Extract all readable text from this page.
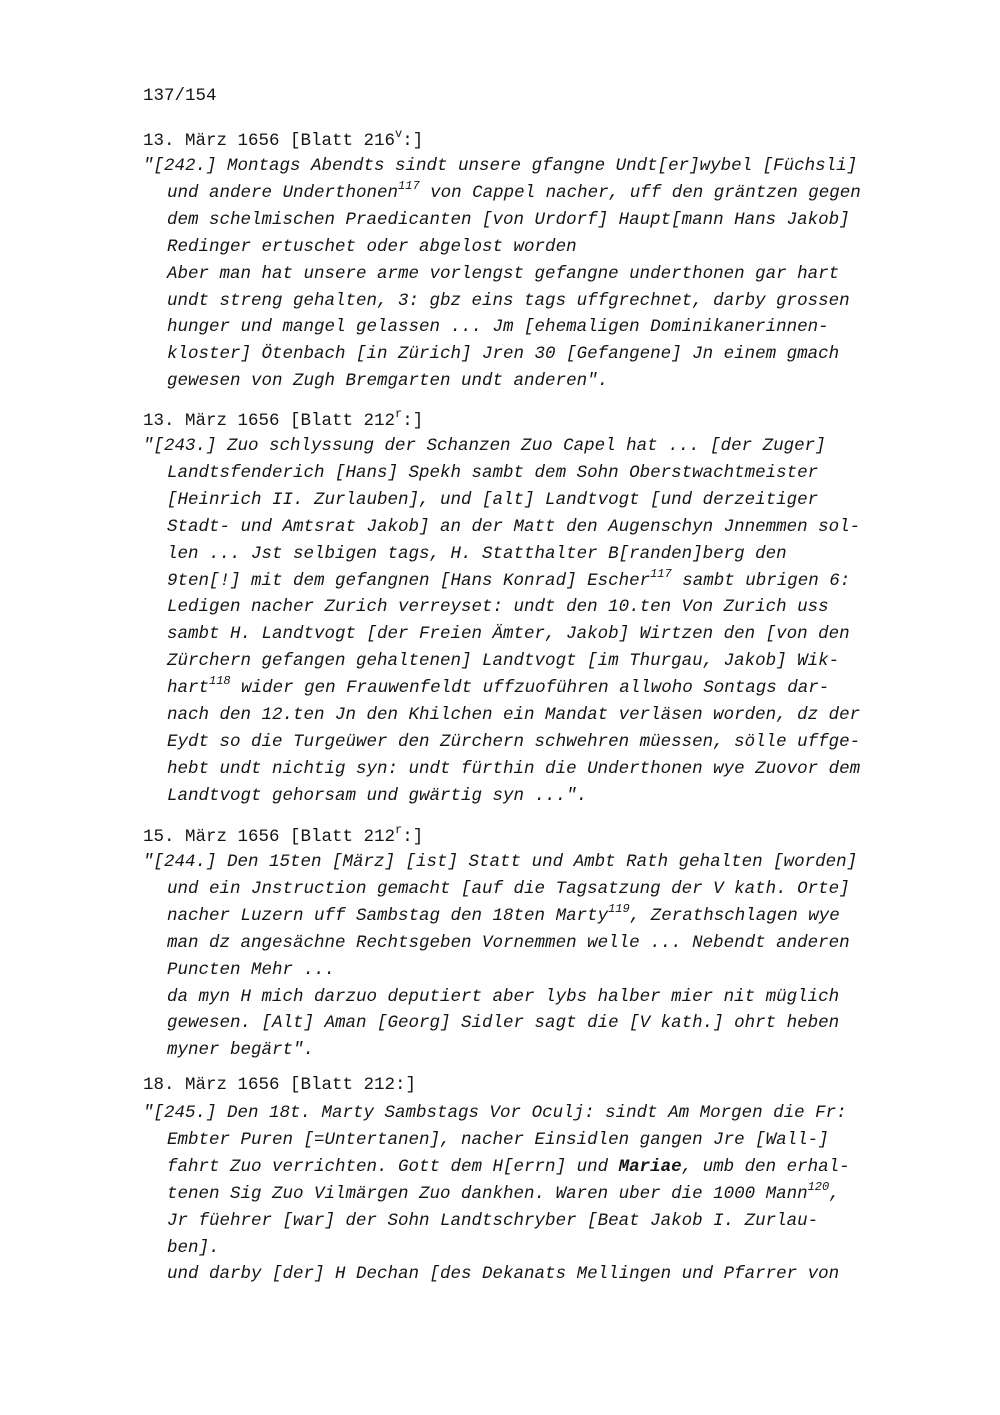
137/154
13. März 1656 [Blatt 216$^v$:]
"[242.] Montags Abendts sindt unsere gfangne Undt[er]wybel [Füchsli]
und andere Underthonen$^{117}$ von Cappel nacher, uff den gräntzen gegen
dem schelmischen Praedicanten [von Urdorf] Haupt[mann Hans Jakob]
Redinger ertuschet oder abgelost worden
Aber man hat unsere arme vorlengst gefangne underthonen gar hart
undt streng gehalten, 3: gbz eins tags uffgrechnet, darby grossen
hunger und mangel gelassen ... Jm [ehemaligen Dominikanerinnen-
kloster] Ötenbach [in Zürich] Jren 30 [Gefangene] Jn einem gmach
gewesen von Zugh Bremgarten undt anderen".
13. März 1656 [Blatt 212$^r$:]
"[243.] Zuo schlyssung der Schanzen Zuo Capel hat ... [der Zuger]
Landtsfenderich [Hans] Spekh sambt dem Sohn Oberstwachtmeister
[Heinrich II. Zurlauben], und [alt] Landtvogt [und derzeitiger
Stadt- und Amtsrat Jakob] an der Matt den Augenschyn Jnnemmen sol-
len ... Jst selbigen tags, H. Statthalter B[randen]berg den
9ten[!] mit dem gefangnen [Hans Konrad] Escher$^{117}$ sambt ubrigen 6:
Ledigen nacher Zurich verreyset: undt den 10.ten Von Zurich uss
sambt H. Landtvogt [der Freien Ämter, Jakob] Wirtzen den [von den
Zürchern gefangen gehaltenen] Landtvogt [im Thurgau, Jakob] Wik-
hart$^{118}$ wider gen Frauwenfeldt uffzuoführen allwoho Sontags dar-
nach den 12.ten Jn den Khilchen ein Mandat verläsen worden, dz der
Eydt so die Turgeüwer den Zürchern schwehren müessen, sölle uffge-
hebt undt nichtig syn: undt fürthin die Underthonen wye Zuovor dem
Landtvogt gehorsam und gwärtig syn ...".
15. März 1656 [Blatt 212$^r$:]
"[244.] Den 15ten [März] [ist] Statt und Ambt Rath gehalten [worden]
und ein Jnstruction gemacht [auf die Tagsatzung der V kath. Orte]
nacher Luzern uff Sambstag den 18ten Marty$^{119}$, Zerathschlagen wye
man dz angesächne Rechtsgeben Vornemmen welle ... Nebendt anderen
Puncten Mehr ...
da myn H mich darzuo deputiert aber lybs halber mier nit müglich
gewesen. [Alt] Aman [Georg] Sidler sagt die [V kath.] ohrt heben
myner begärt".
18. März 1656 [Blatt 212:]
"[245.] Den 18t. Marty Sambstags Vor Oculj: sindt Am Morgen die Fr:
Embter Puren [=Untertanen], nacher Einsidlen gangen Jre [Wall-]
fahrt Zuo verrichten. Gott dem H[errn] und Mariae, umb den erhal-
tenen Sig Zuo Vilmärgen Zuo dankhen. Waren uber die 1000 Mann$^{120}$,
Jr füehrer [war] der Sohn Landtschryber [Beat Jakob I. Zurlau-
ben].
und darby [der] H Dechan [des Dekanats Mellingen und Pfarrer von
